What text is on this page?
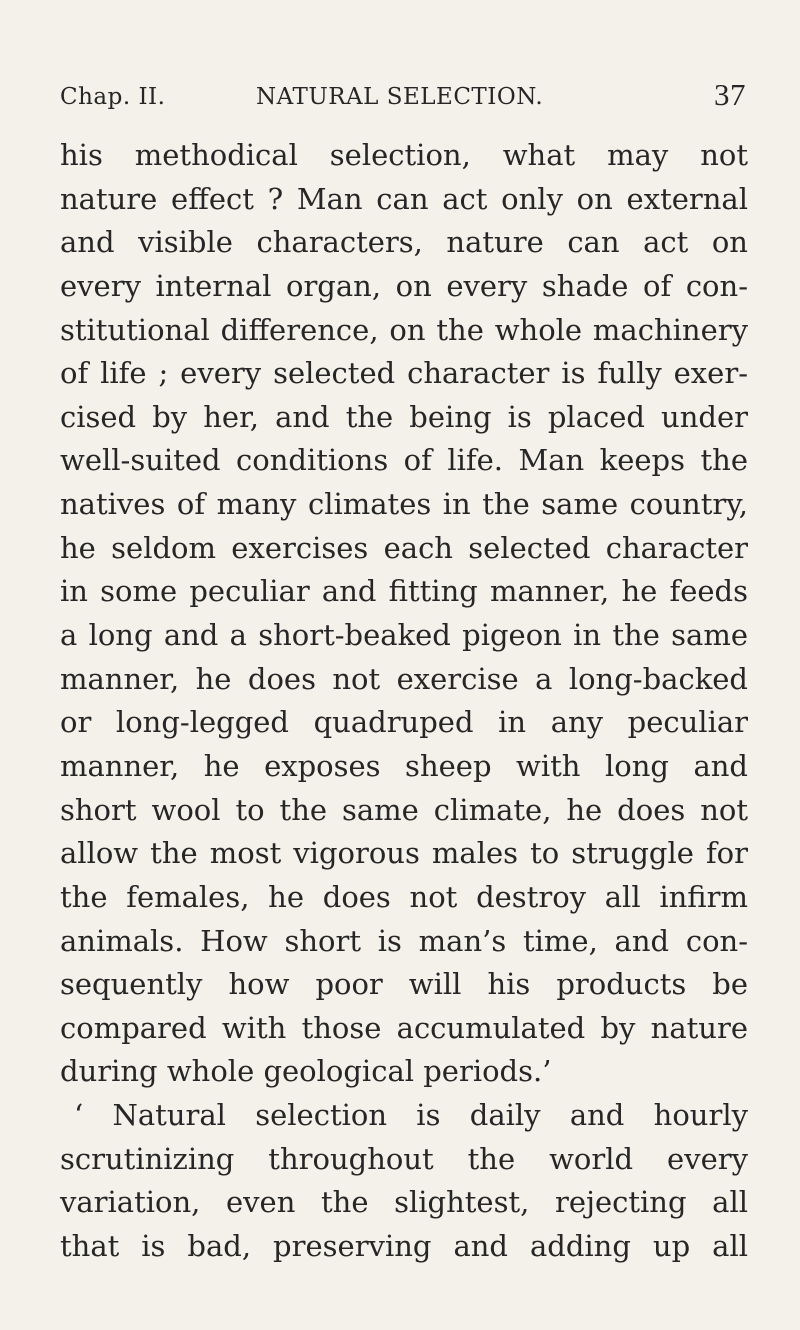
Chap. II.	NATURAL SELECTION.	37
his methodical selection, what may not
nature effect ? Man can act only on external
and visible characters, nature can act on
every internal organ, on every shade of con-
stitutional difference, on the whole machinery
of life ; every selected character is fully exer-
cised by her, and the being is placed under
well-suited conditions of life. Man keeps the
natives of many climates in the same country,
he seldom exercises each selected character
in some peculiar and fitting manner, he feeds
a long and a short-beaked pigeon in the same
manner, he does not exercise a long-backed
or long-legged quadruped in any peculiar
manner, he exposes sheep with long and
short wool to the same climate, he does not
allow the most vigorous males to struggle for
the females, he does not destroy all infirm
animals. How short is man’s time, and con-
sequently how poor will his products be
compared with those accumulated by nature
during whole geological periods.’
‘ Natural selection is daily and hourly
scrutinizing throughout the world every
variation, even the slightest, rejecting all
that is bad, preserving and adding up all
